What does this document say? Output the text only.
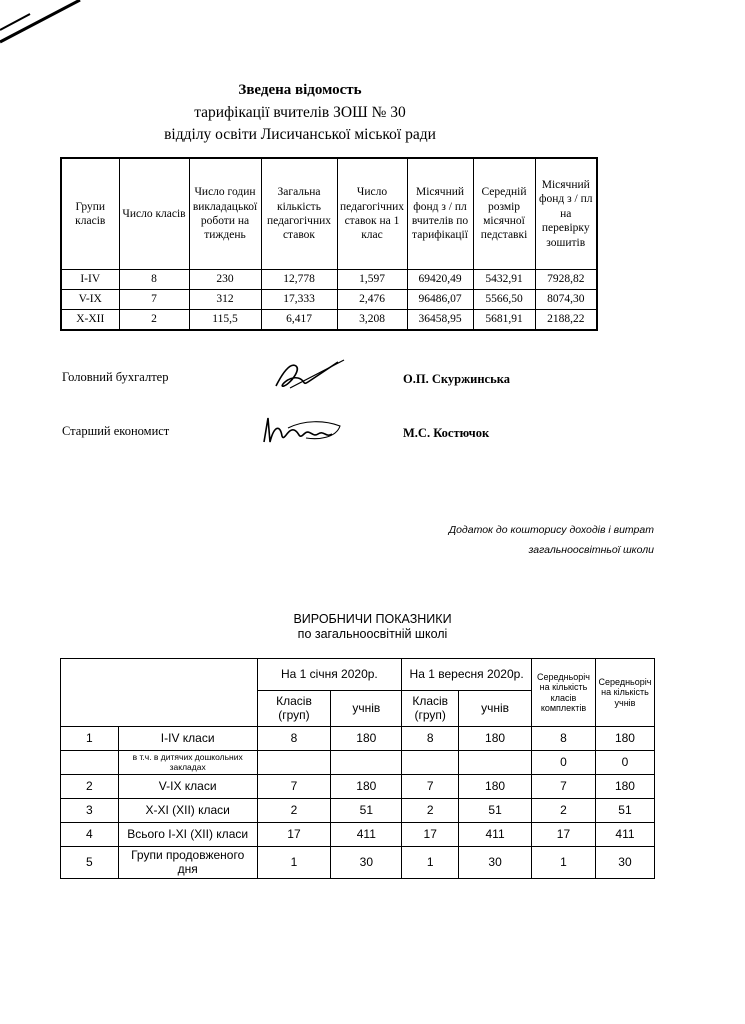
Зведена відомость
тарифікації вчителів ЗОШ № 30
відділу освіти Лисичанської міської ради
Групи класів	Число класів	Число годин викладацької роботи на тиждень	Загальна кількість педагогічних ставок	Число педагогічних ставок на 1 клас	Місячний фонд з / пл вчителів по тарифікації	Середній розмір місячної педставкі	Місячний фонд з / пл на перевірку зошитів
I-IV	8	230	12,778	1,597	69420,49	5432,91	7928,82
V-IX	7	312	17,333	2,476	96486,07	5566,50	8074,30
X-XII	2	115,5	6,417	3,208	36458,95	5681,91	2188,22
Головний бухгалтер	О.П. Скуржинська
Старший економист	М.С. Костючок
Додаток до кошторису доходів і витрат
загальноосвітньої школи
ВИРОБНИЧИ ПОКАЗНИКИ
по загальноосвітній школі
		На 1 січня 2020р.		На 1 вересня 2020р.		Середньоріч на кількість класів комплектів	Середньоріч на кількість учнів
		Класів (груп)	учнів	Класів (груп)	учнів		
1	I-IV класи	8	180	8	180	8	180
	в т.ч. в дитячих дошкольних закладах					0	0
2	V-IX класи	7	180	7	180	7	180
3	X-XI (XII) класи	2	51	2	51	2	51
4	Всього I-XI (XII) класи	17	411	17	411	17	411
5	Групи продовженого дня	1	30	1	30	1	30
